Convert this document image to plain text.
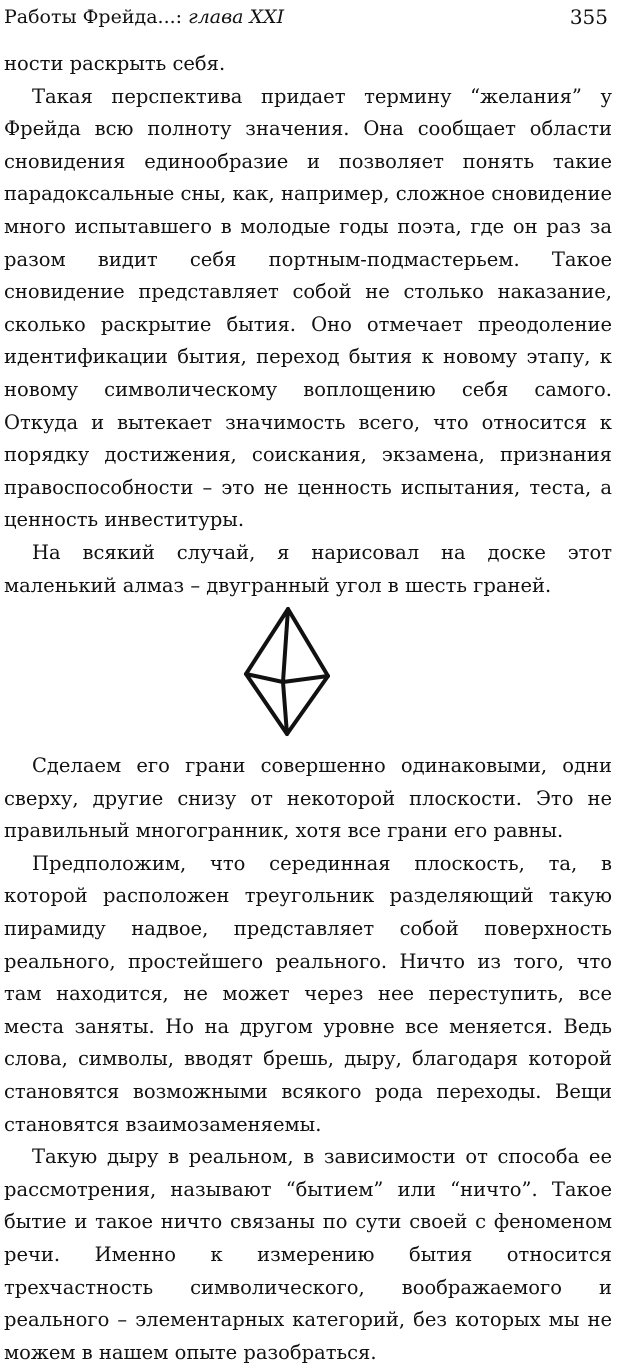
Работы Фрейда...: глава XXI	355

ности раскрыть себя.

Такая перспектива придает термину “желания” у Фрейда всю полноту значения. Она сообщает области сновидения единообразие и позволяет понять такие парадоксальные сны, как, например, сложное сновидение много испытавшего в молодые годы поэта, где он раз за разом видит себя портным-подмастерьем. Такое сновидение представляет собой не столько наказание, сколько раскрытие бытия. Оно отмечает преодоление идентификации бытия, переход бытия к новому этапу, к новому символическому воплощению себя самого. Откуда и вытекает значимость всего, что относится к порядку достижения, соискания, экзамена, признания правоспособности – это не ценность испытания, теста, а ценность инвеституры.

На всякий случай, я нарисовал на доске этот маленький алмаз – двугранный угол в шесть граней.

Сделаем его грани совершенно одинаковыми, одни сверху, другие снизу от некоторой плоскости. Это не правильный многогранник, хотя все грани его равны.

Предположим, что серединная плоскость, та, в которой расположен треугольник разделяющий такую пирамиду надвое, представляет собой поверхность реального, простейшего реального. Ничто из того, что там находится, не может через нее переступить, все места заняты. Но на другом уровне все меняется. Ведь слова, символы, вводят брешь, дыру, благодаря которой становятся возможными всякого рода переходы. Вещи становятся взаимозаменяемы.

Такую дыру в реальном, в зависимости от способа ее рассмотрения, называют “бытием” или “ничто”. Такое бытие и такое ничто связаны по сути своей с феноменом речи. Именно к измерению бытия относится трехчастность символического, воображаемого и реального – элементарных категорий, без которых мы не можем в нашем опыте разобраться.
